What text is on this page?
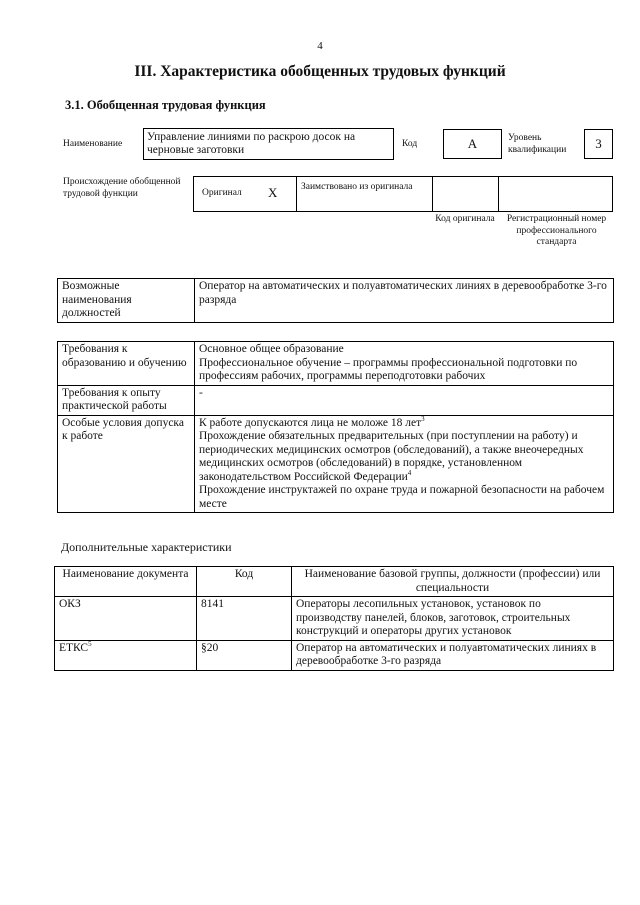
4
III. Характеристика обобщенных трудовых функций
3.1. Обобщенная трудовая функция
Наименование
Управление линиями по раскрою досок на черновые заготовки	Код	A	Уровень квалификации	3
Происхождение обобщенной трудовой функции	Оригинал X Заимствовано из оригинала
Код оригинала	Регистрационный номер профессионального стандарта
Возможные наименования должностей	Оператор на автоматических и полуавтоматических линиях в деревообработке 3-го разряда
Требования к образованию и обучению	Основное общее образование
Профессиональное обучение – программы профессиональной подготовки по профессиям рабочих, программы переподготовки рабочих

Требования к опыту практической работы	-
Особые условия допуска к работе	К работе допускаются лица не моложе 18 лет$^3$
Прохождение обязательных предварительных (при поступлении на работу) и периодических медицинских осмотров (обследований), а также внеочередных медицинских осмотров (обследований) в порядке, установленном законодательством Российской Федерации$^4$
Прохождение инструктажей по охране труда и пожарной безопасности на рабочем месте
Дополнительные характеристики
Наименование документа	Код	Наименование базовой группы, должности (профессии) или специальности
ОКЗ	8141	Операторы лесопильных установок, установок по производству панелей, блоков, заготовок, строительных конструкций и операторы других установок
ЕТКС$^5$	§20	Оператор на автоматических и полуавтоматических линиях в деревообработке 3-го разряда
